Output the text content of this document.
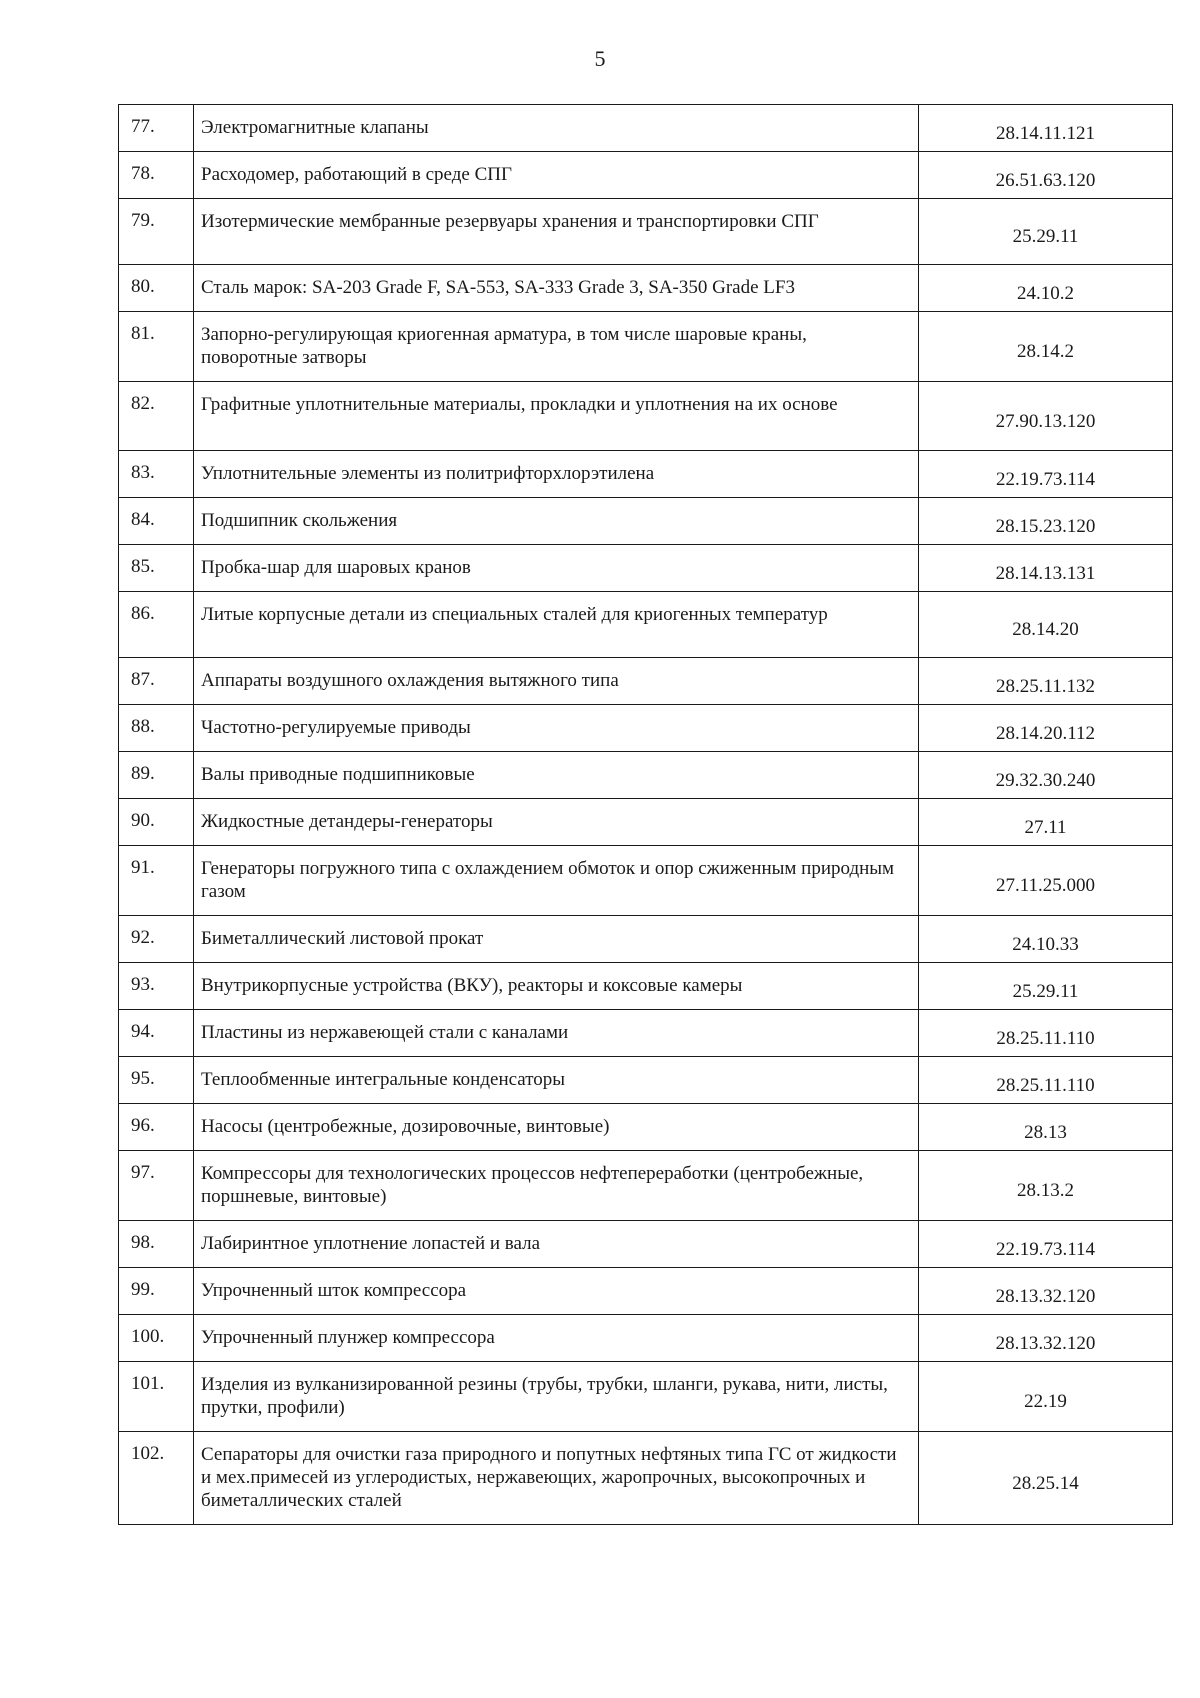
5
77.	Электромагнитные клапаны	28.14.11.121
78.	Расходомер, работающий в среде СПГ	26.51.63.120
79.	Изотермические мембранные резервуары хранения и транспортировки СПГ	25.29.11
80.	Сталь марок: SA-203 Grade F, SA-553, SA-333 Grade 3, SA-350 Grade LF3	24.10.2
81.	Запорно-регулирующая криогенная арматура, в том числе шаровые краны, поворотные затворы	28.14.2
82.	Графитные уплотнительные материалы, прокладки и уплотнения на их основе	27.90.13.120
83.	Уплотнительные элементы из политрифторхлорэтилена	22.19.73.114
84.	Подшипник скольжения	28.15.23.120
85.	Пробка-шар для шаровых кранов	28.14.13.131
86.	Литые корпусные детали из специальных сталей для криогенных температур	28.14.20
87.	Аппараты воздушного охлаждения вытяжного типа	28.25.11.132
88.	Частотно-регулируемые приводы	28.14.20.112
89.	Валы приводные подшипниковые	29.32.30.240
90.	Жидкостные детандеры-генераторы	27.11
91.	Генераторы погружного типа с охлаждением обмоток и опор сжиженным природным газом	27.11.25.000
92.	Биметаллический листовой прокат	24.10.33
93.	Внутрикорпусные устройства (ВКУ), реакторы и коксовые камеры	25.29.11
94.	Пластины из нержавеющей стали с каналами	28.25.11.110
95.	Теплообменные интегральные конденсаторы	28.25.11.110
96.	Насосы (центробежные, дозировочные, винтовые)	28.13
97.	Компрессоры для технологических процессов нефтепереработки (центробежные, поршневые, винтовые)	28.13.2
98.	Лабиринтное уплотнение лопастей и вала	22.19.73.114
99.	Упрочненный шток компрессора	28.13.32.120
100.	Упрочненный плунжер компрессора	28.13.32.120
101.	Изделия из вулканизированной резины (трубы, трубки, шланги, рукава, нити, листы, прутки, профили)	22.19
102.	Сепараторы для очистки газа природного и попутных нефтяных типа ГС от жидкости и мех.примесей из углеродистых, нержавеющих, жаропрочных, высокопрочных и биметаллических сталей	28.25.14
